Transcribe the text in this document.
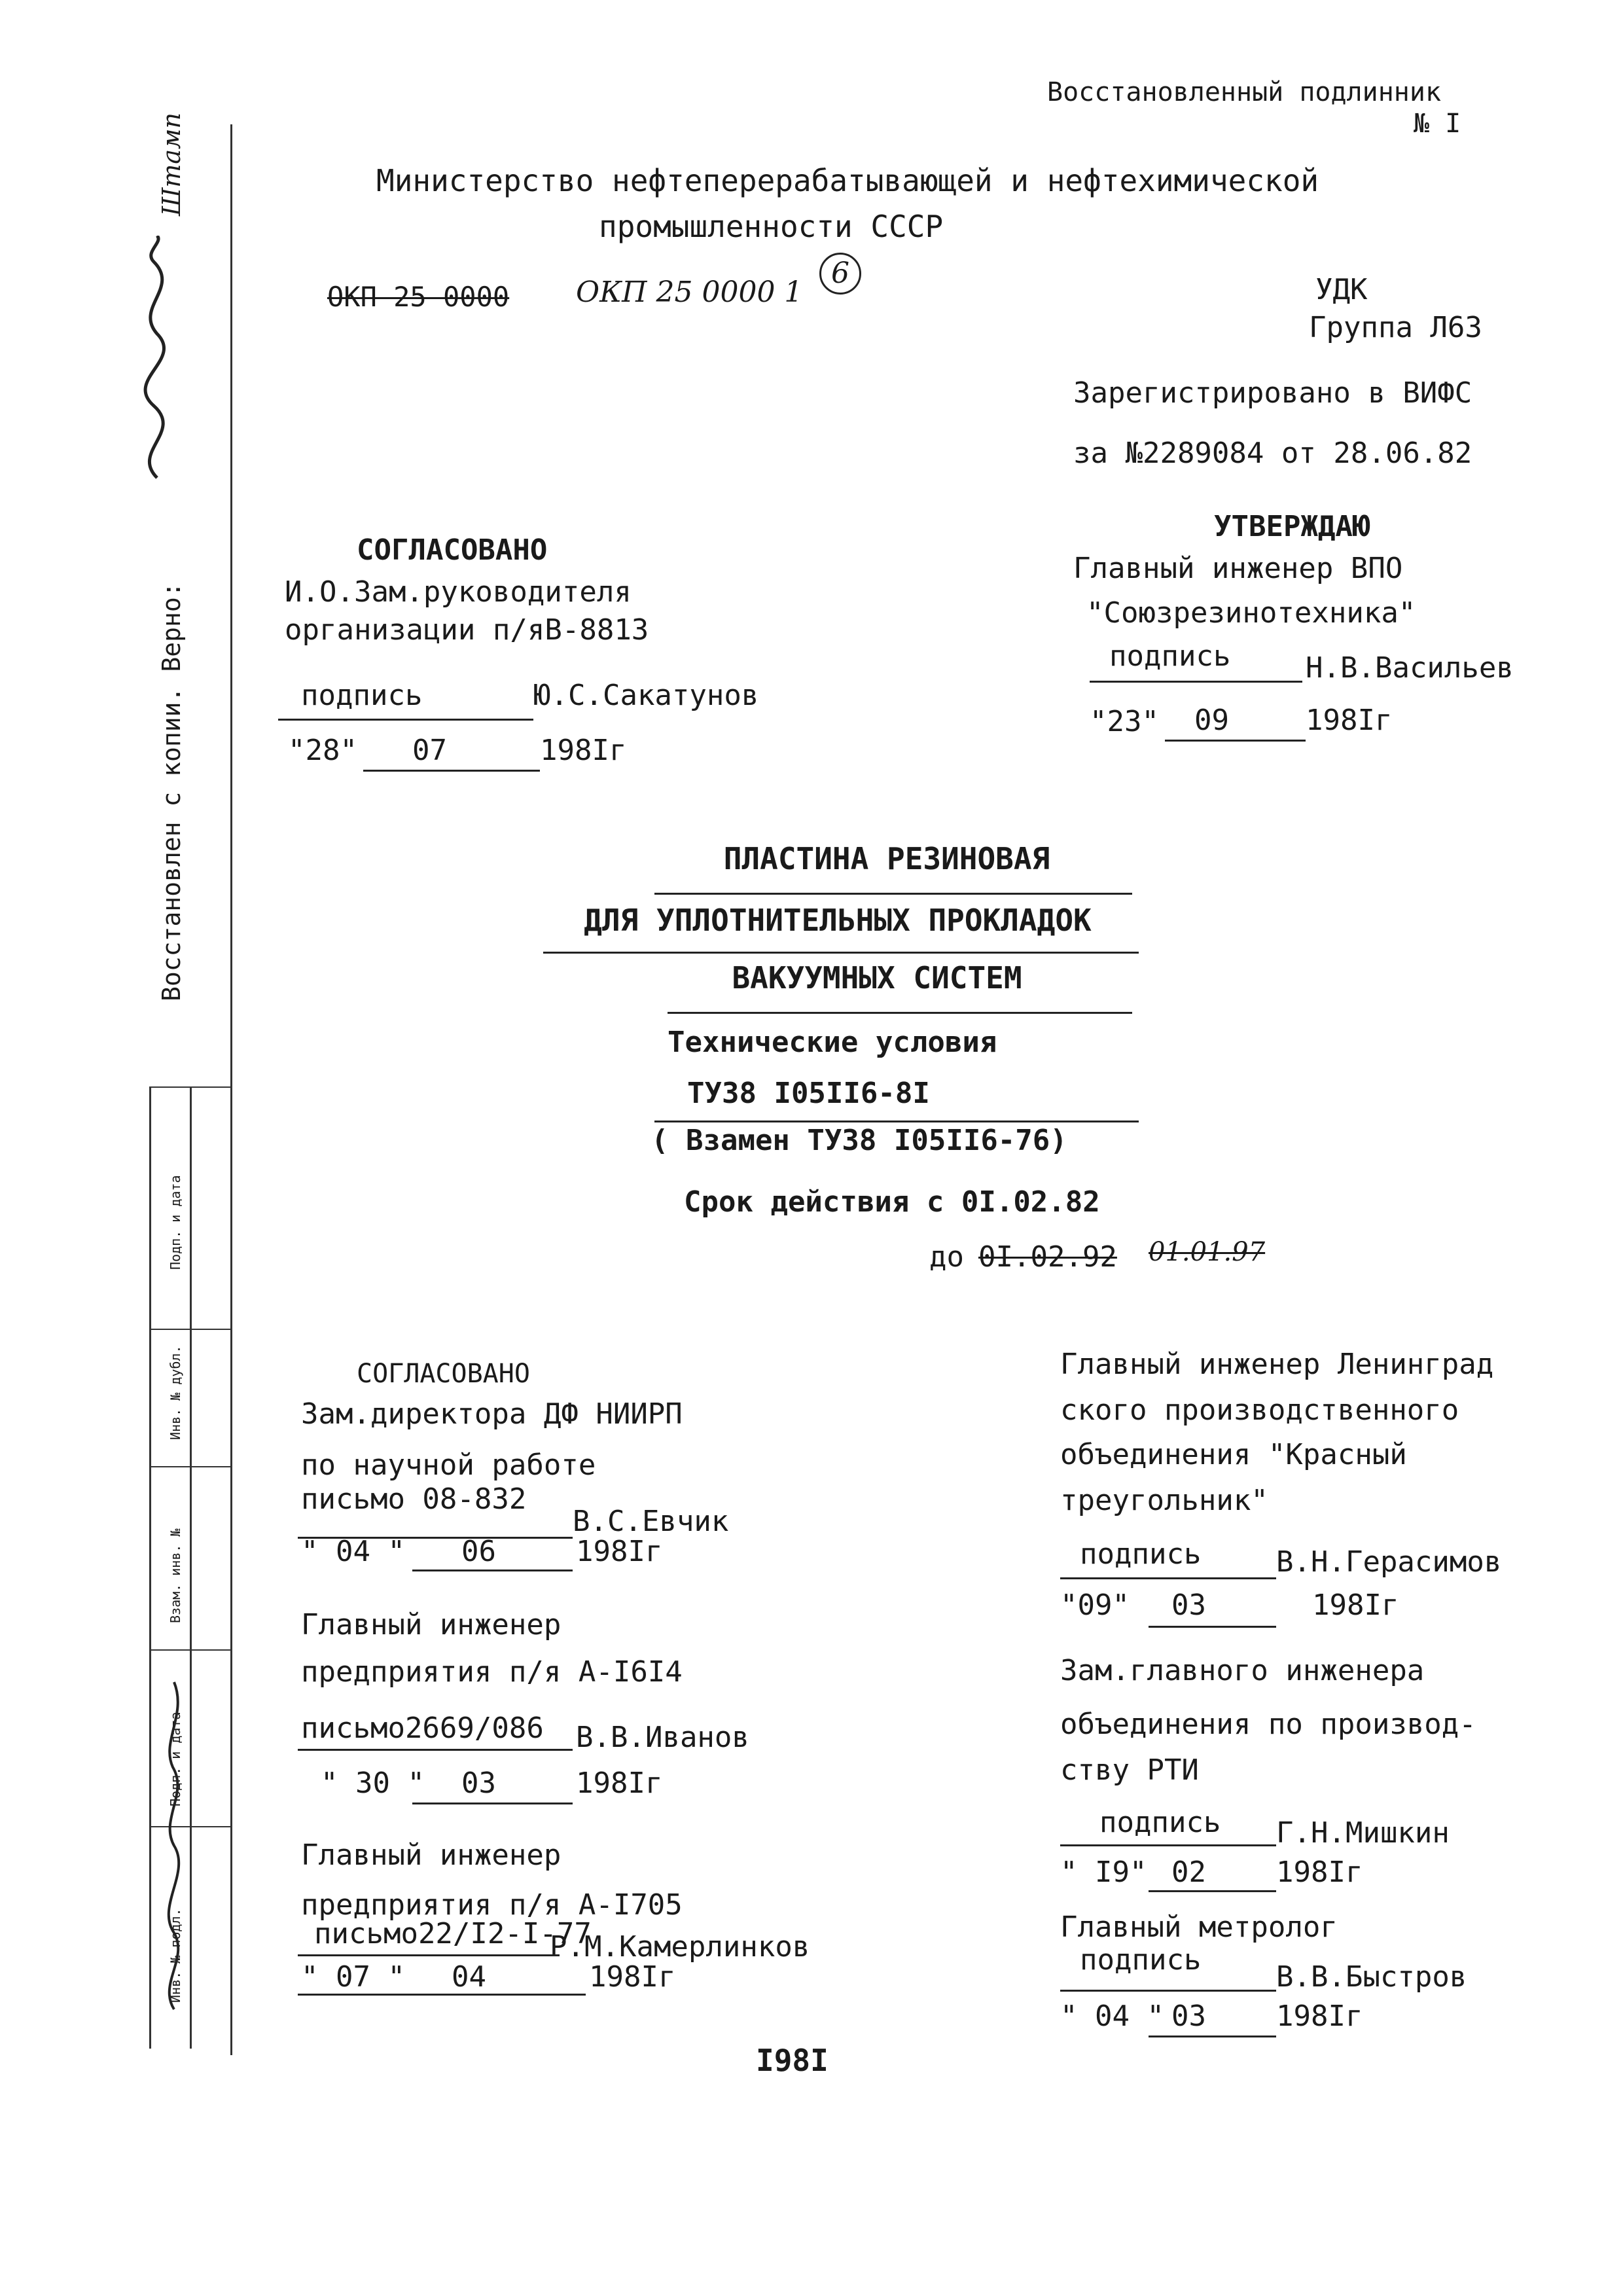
Восстановленный подлинник
№ I
Министерство нефтеперерабатывающей и нефтехимической
промышленности СССР
ОКП 25 0000 ОКП 25 0000 1
6	УДК
Группа Л63
Зарегистрировано в ВИФС
за №2289084 от 28.06.82
СОГЛАСОВАНО
И.О.Зам.руководителя
организации п/яВ-8813
подпись	Ю.С.Сакатунов
"28" 07	198Iг
УТВЕРЖДАЮ
Главный инженер ВПО
"Союзрезинотехника"
подпись	Н.В.Васильев
"23" 09	198Iг
ПЛАСТИНА РЕЗИНОВАЯ
ДЛЯ УПЛОТНИТЕЛЬНЫХ ПРОКЛАДОК
ВАКУУМНЫХ СИСТЕМ
Технические условия
ТУ38 I05II6-8I
( Взамен ТУ38 I05II6-76)
Срок действия с 0I.02.82
до 0I.02.92 01.01.97
СОГЛАСОВАНО
Зам.директора ДФ НИИРП
по научной работе
письмо 08-832
В.С.Евчик
" 04 " 06	198Iг
Главный инженер
предприятия п/я А-I6I4
письмо2669/086 В.В.Иванов
" 30 " 03	198Iг
Главный инженер
предприятия п/я А-I705
письмо22/I2-I-77
Р.М.Камерлинков
" 07 " 04	198Iг
Главный инженер Ленинград
ского производственного
объединения "Красный
треугольник"
подпись	В.Н.Герасимов
"09" 03	198Iг
Зам.главного инженера
объединения по производ-
ству РТИ
подпись Г.Н.Мишкин
" I9" 02 198Iг
Главный метролог
подпись
В.В.Быстров
" 04 " 03 198Iг
I98I
Восстановлен с копии. Верно:
Штамп
Подп. и дата
Инв. № дубл.
Взам. инв. №
Подп. и дата
Инв. № подл.
